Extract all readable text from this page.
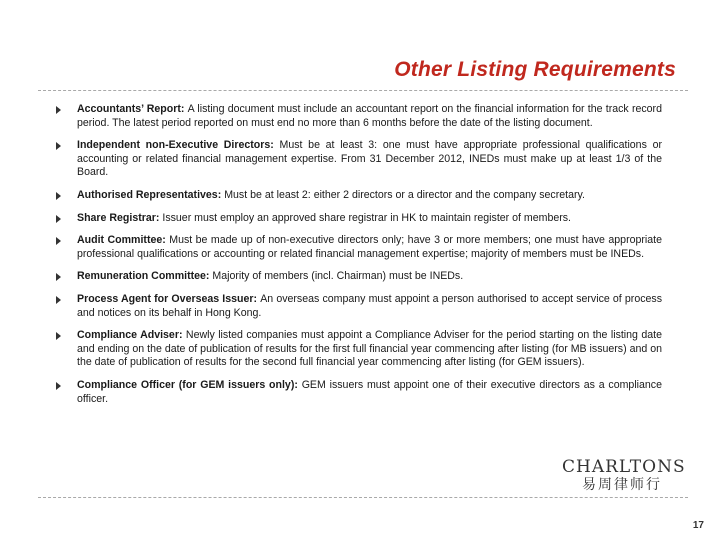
Other Listing Requirements
Accountants’ Report: A listing document must include an accountant report on the financial information for the track record period. The latest period reported on must end no more than 6 months before the date of the listing document.
Independent non-Executive Directors: Must be at least 3: one must have appropriate professional qualifications or accounting or related financial management expertise. From 31 December 2012, INEDs must make up at least 1/3 of the Board.
Authorised Representatives: Must be at least 2: either 2 directors or a director and the company secretary.
Share Registrar: Issuer must employ an approved share registrar in HK to maintain register of members.
Audit Committee: Must be made up of non-executive directors only; have 3 or more members; one must have appropriate professional qualifications or accounting or related financial management expertise; majority of members must be INEDs.
Remuneration Committee: Majority of members (incl. Chairman) must be INEDs.
Process Agent for Overseas Issuer: An overseas company must appoint a person authorised to accept service of process and notices on its behalf in Hong Kong.
Compliance Adviser: Newly listed companies must appoint a Compliance Adviser for the period starting on the listing date and ending on the date of publication of results for the first full financial year commencing after listing (for MB issuers) and on the date of publication of results for the second full financial year commencing after listing (for GEM issuers).
Compliance Officer (for GEM issuers only): GEM issuers must appoint one of their executive directors as a compliance officer.
CHARLTONS
易周律师行
17
